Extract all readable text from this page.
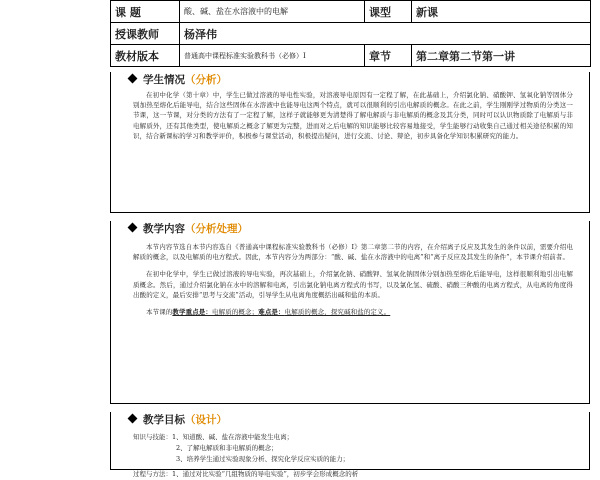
课 题	酸、碱、盐在水溶液中的电解	课型	新课
授课教师	杨泽伟		
教材版本	普通高中课程标准实验教科书（必修）Ⅰ	章节	第二章第二节第一讲
学生情况（分析）
在初中化学（第十章）中，学生已做过溶液的导电性实验，对溶液导电原因有一定程了解，在此基础上，介绍氯化钠、硝酸钾、氢氧化钠等固体分别加热至熔化后能导电，结合这些固体在水溶液中也能导电这两个特点，就可以很顺利的引出电解质的概念。在此之前，学生刚刚学过物质的分类这一节课，这一节课，对分类的方法有了一定程了解，这样子就能够更为清楚得了解电解质与非电解质的概念及其分类，同时可以认识物质除了电解质与非电解质外，还有其他类型，使电解质之概念了解更为完整，进而对之后电解的知识能够比较容易地接受，学生能够行动收集自己通过相关途径积累的知识，结合新课标的学习和教学评价，积极参与课堂活动，积极提出疑问，进行交流、讨论、辩论，初步具备化学知识积累研究的能力。
教学内容（分析处理）
本节内容节选自本节内容选自《普通高中课程标准实验教科书（必修）Ⅰ》第二章第二节的内容，在介绍离子反应及其发生的条件以前，需要介绍电解质的概念，以及电解质的电方程式。因此，本节内容分为两部分：“酸、碱、盐在水溶液中的电离”和“离子反应及其发生的条件”，本节课介绍前者。
在初中化学中，学生已做过溶液的导电实验，再次基础上，介绍氯化钠、硝酸钾、氢氧化钠固体分别加热至熔化后能导电，这样很顺利地引出电解质概念。然后，通过介绍氯化钠在水中的溶解和电离，引出氯化钠电离方程式的书写，以及氯化氢、硫酸、硝酸三种酸的电离方程式，从电离的角度得出酸的定义，最后安排“思考与交流”活动，引导学生从电离角度概括出碱和盐的本质。
本节课的教学重点是：电解质的概念；难点是：电解质的概念，探究碱和盐的定义。
教学目标（设计）
知识与技能：1、知道酸、碱、盐在溶液中能发生电离；
2、了解电解质和非电解质的概念；
3、培养学生通过实验现象分析、探究化学反应实质的能力；
过程与方法：1、通过对比实验“几组物质的导电实验”，初步学会形成概念的析
